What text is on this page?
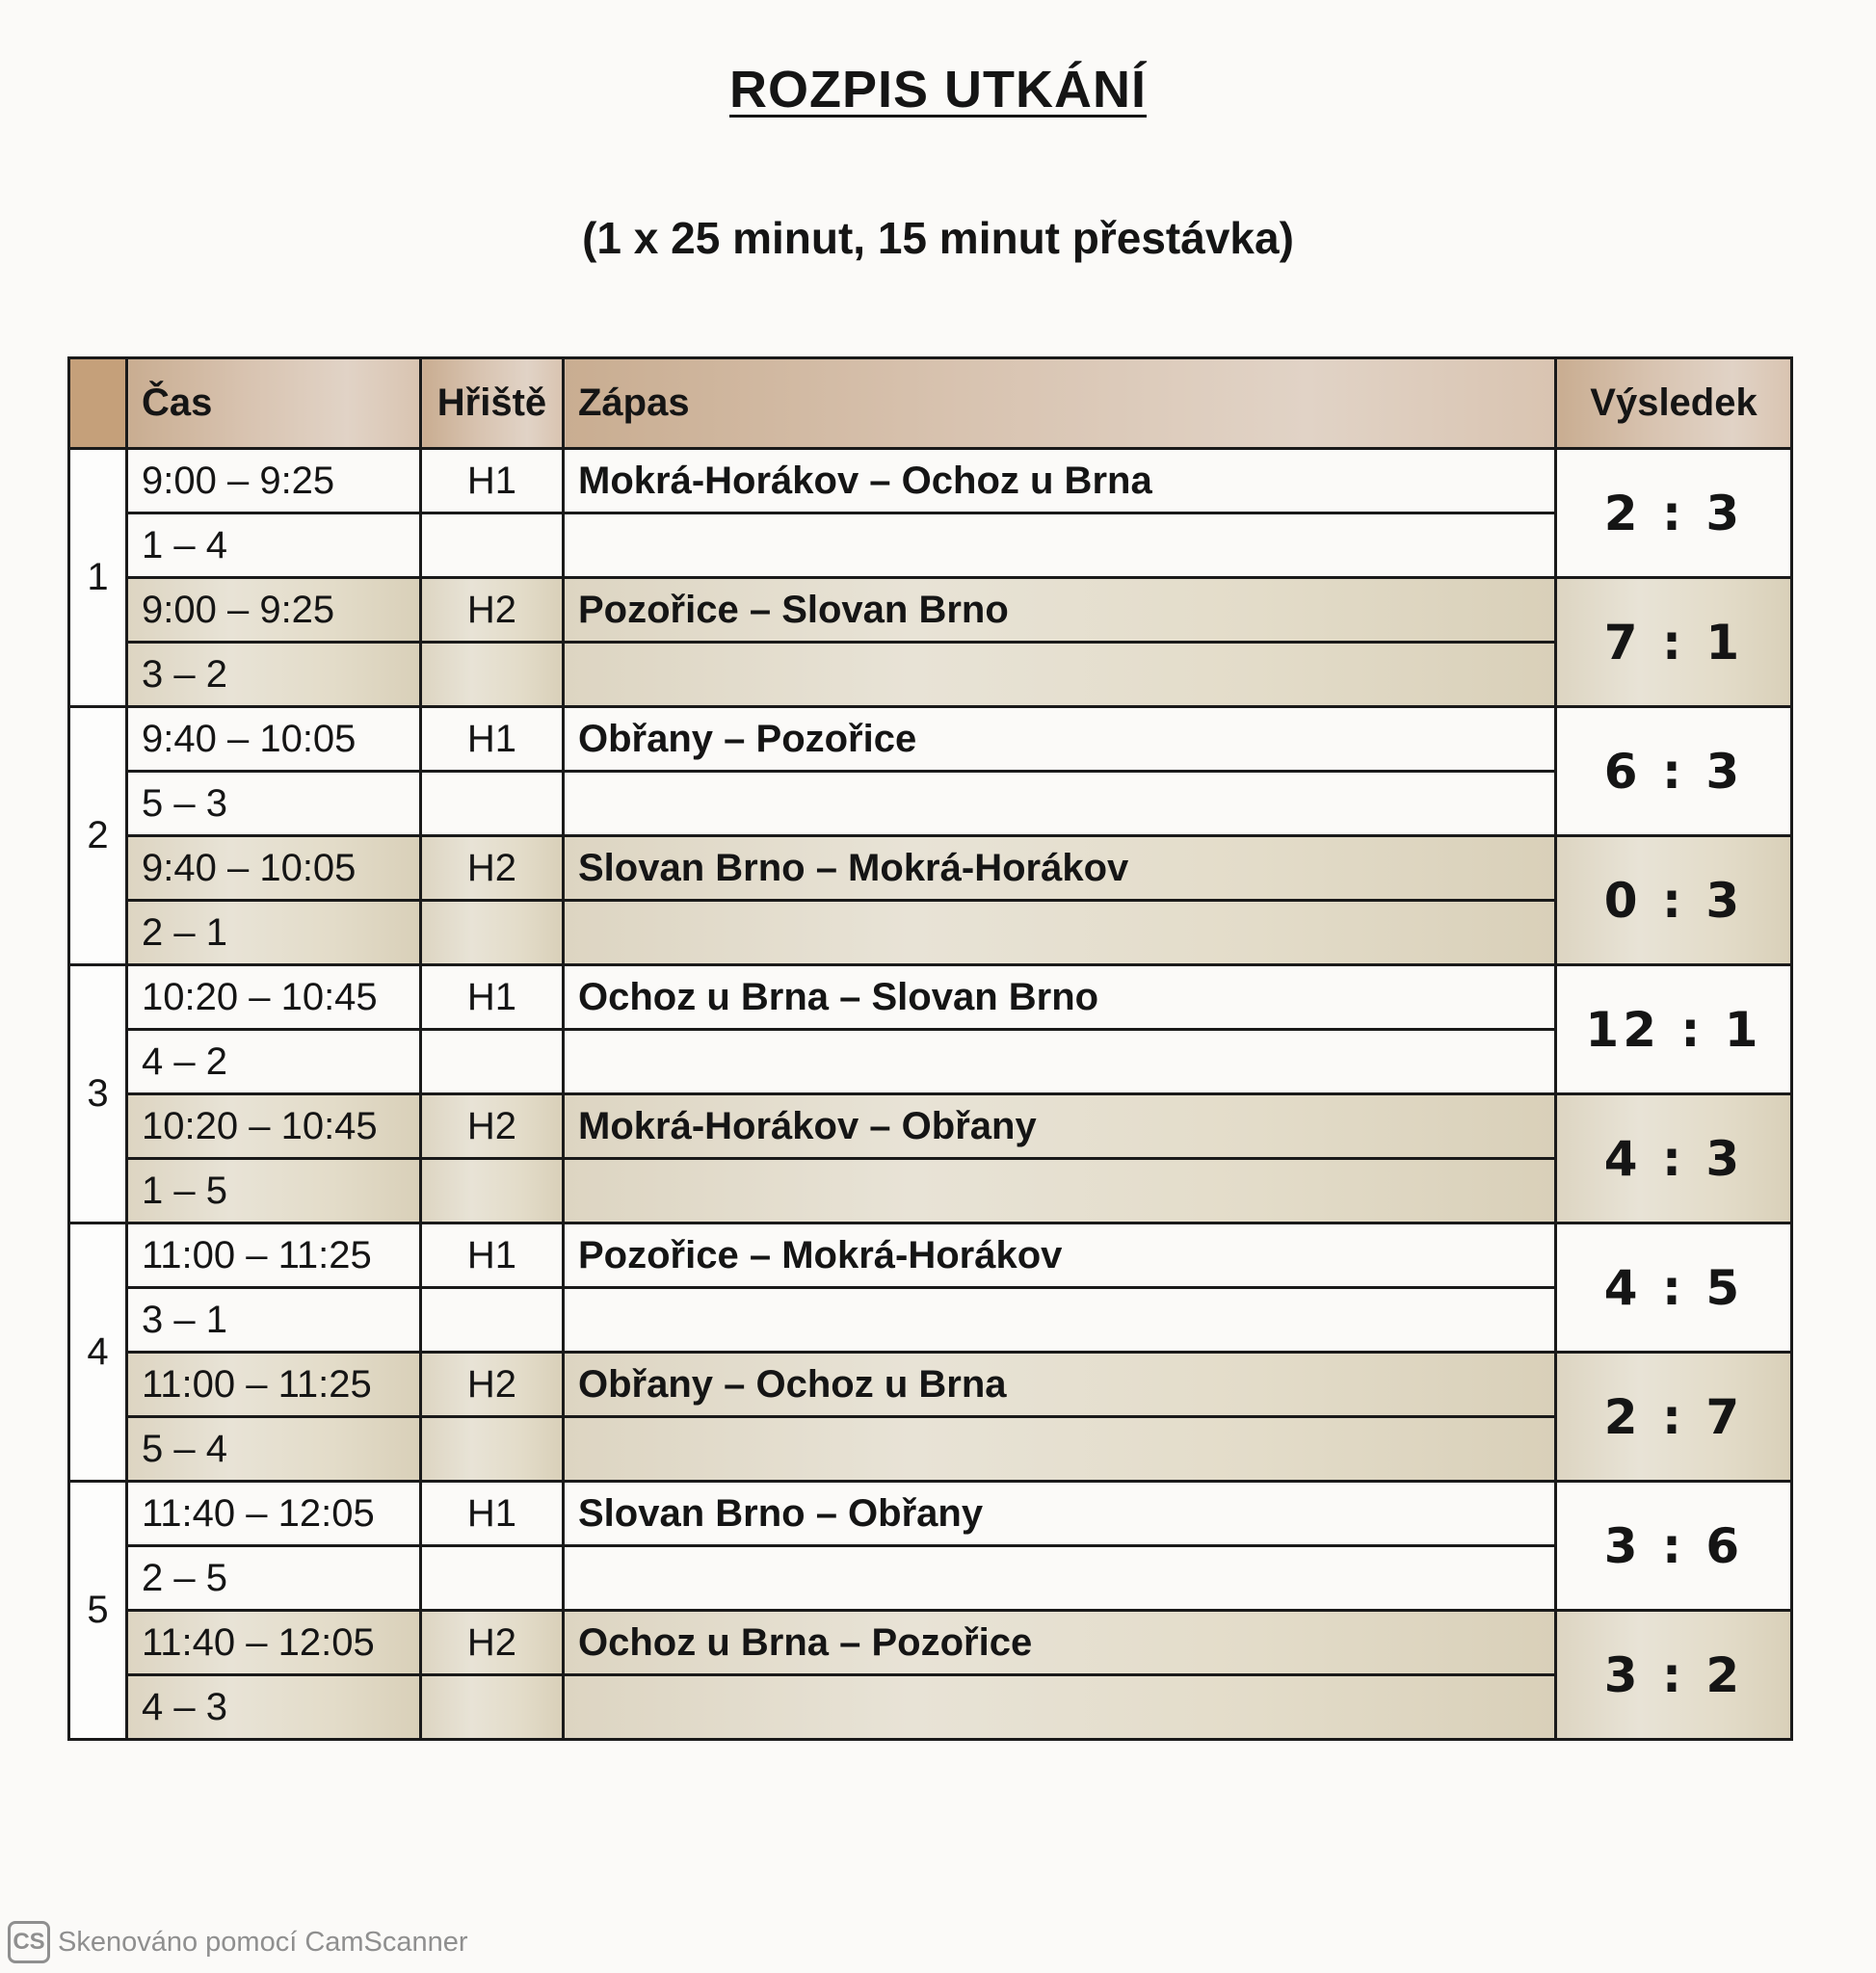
ROZPIS UTKÁNÍ
(1 x 25 minut, 15 minut přestávka)
	Čas	Hřiště	Zápas	Výsledek
1	9:00 – 9:25	H1	Mokrá-Horákov – Ochoz u Brna	2 : 3
	1 – 4			
	9:00 – 9:25	H2	Pozořice – Slovan Brno	7 : 1
	3 – 2			
2	9:40 – 10:05	H1	Obřany – Pozořice	6 : 3
	5 – 3			
	9:40 – 10:05	H2	Slovan Brno – Mokrá-Horákov	0 : 3
	2 – 1			
3	10:20 – 10:45	H1	Ochoz u Brna – Slovan Brno	12 : 1
	4 – 2			
	10:20 – 10:45	H2	Mokrá-Horákov – Obřany	4 : 3
	1 – 5			
4	11:00 – 11:25	H1	Pozořice – Mokrá-Horákov	4 : 5
	3 – 1			
	11:00 – 11:25	H2	Obřany – Ochoz u Brna	2 : 7
	5 – 4			
5	11:40 – 12:05	H1	Slovan Brno – Obřany	3 : 6
	2 – 5			
	11:40 – 12:05	H2	Ochoz u Brna – Pozořice	3 : 2
	4 – 3			
CS Skenováno pomocí CamScanner
